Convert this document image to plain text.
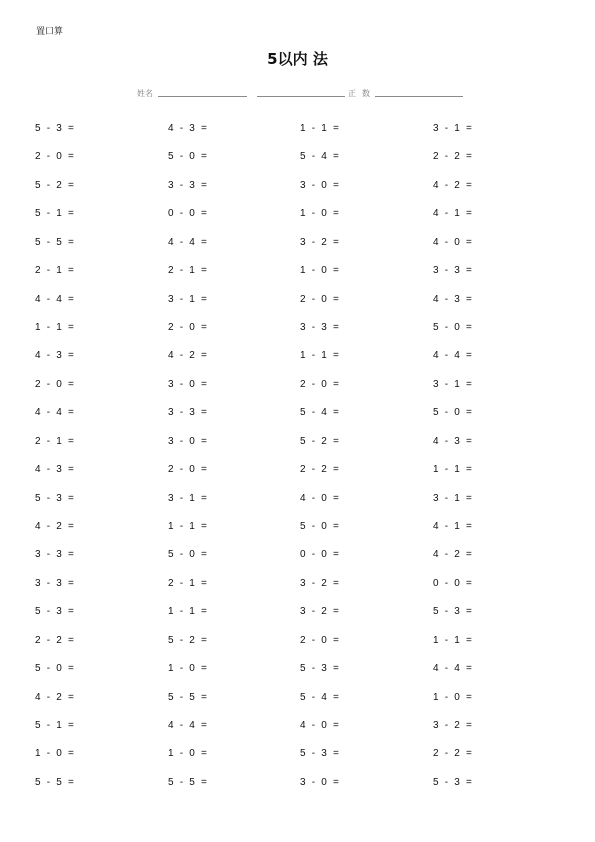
置口算
5以内 法
姓名	正 数
5 - 3 =	4 - 3 =	1 - 1 =	3 - 1 =
2 - 0 =	5 - 0 =	5 - 4 =	2 - 2 =
5 - 2 =	3 - 3 =	3 - 0 =	4 - 2 =
5 - 1 =	0 - 0 =	1 - 0 =	4 - 1 =
5 - 5 =	4 - 4 =	3 - 2 =	4 - 0 =
2 - 1 =	2 - 1 =	1 - 0 =	3 - 3 =
4 - 4 =	3 - 1 =	2 - 0 =	4 - 3 =
1 - 1 =	2 - 0 =	3 - 3 =	5 - 0 =
4 - 3 =	4 - 2 =	1 - 1 =	4 - 4 =
2 - 0 =	3 - 0 =	2 - 0 =	3 - 1 =
4 - 4 =	3 - 3 =	5 - 4 =	5 - 0 =
2 - 1 =	3 - 0 =	5 - 2 =	4 - 3 =
4 - 3 =	2 - 0 =	2 - 2 =	1 - 1 =
5 - 3 =	3 - 1 =	4 - 0 =	3 - 1 =
4 - 2 =	1 - 1 =	5 - 0 =	4 - 1 =
3 - 3 =	5 - 0 =	0 - 0 =	4 - 2 =
3 - 3 =	2 - 1 =	3 - 2 =	0 - 0 =
5 - 3 =	1 - 1 =	3 - 2 =	5 - 3 =
2 - 2 =	5 - 2 =	2 - 0 =	1 - 1 =
5 - 0 =	1 - 0 =	5 - 3 =	4 - 4 =
4 - 2 =	5 - 5 =	5 - 4 =	1 - 0 =
5 - 1 =	4 - 4 =	4 - 0 =	3 - 2 =
1 - 0 =	1 - 0 =	5 - 3 =	2 - 2 =
5 - 5 =	5 - 5 =	3 - 0 =	5 - 3 =
